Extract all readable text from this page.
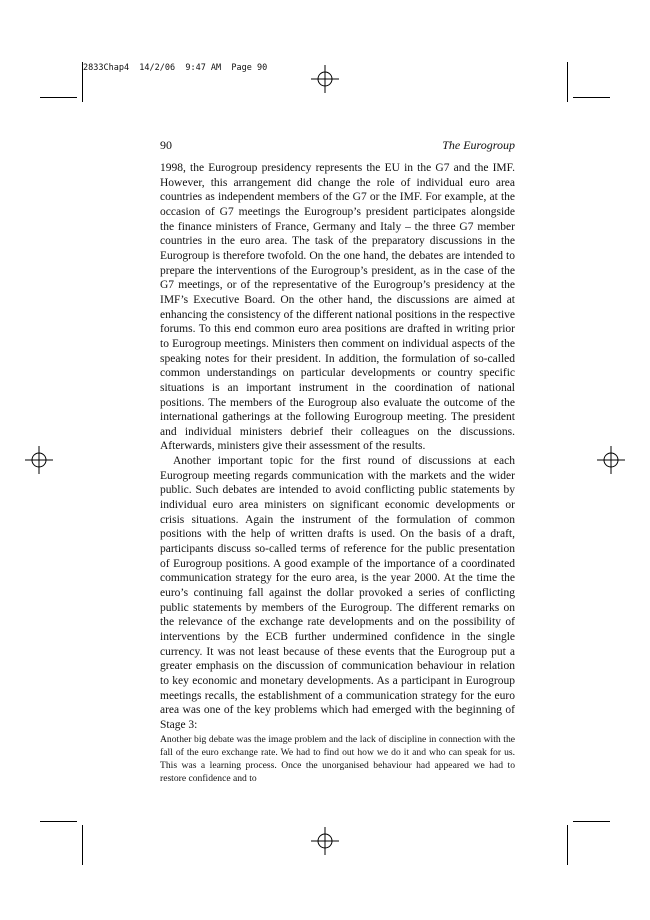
2833Chap4  14/2/06  9:47 AM  Page 90
90	The Eurogroup

1998, the Eurogroup presidency represents the EU in the G7 and the IMF. However, this arrangement did change the role of individual euro area countries as independent members of the G7 or the IMF. For example, at the occasion of G7 meetings the Eurogroup’s president participates alongside the finance ministers of France, Germany and Italy – the three G7 member countries in the euro area. The task of the preparatory discussions in the Eurogroup is therefore twofold. On the one hand, the debates are intended to prepare the interventions of the Eurogroup’s president, as in the case of the G7 meetings, or of the representative of the Eurogroup’s presidency at the IMF’s Executive Board. On the other hand, the discussions are aimed at enhancing the consistency of the different national positions in the respective forums. To this end common euro area positions are drafted in writing prior to Eurogroup meetings. Ministers then comment on individual aspects of the speaking notes for their president. In addition, the formulation of so-called common understandings on particular developments or country specific situations is an important instrument in the coordination of national positions. The members of the Eurogroup also evaluate the outcome of the international gatherings at the following Eurogroup meeting. The president and individual ministers debrief their colleagues on the discussions. Afterwards, ministers give their assessment of the results.

Another important topic for the first round of discussions at each Eurogroup meeting regards communication with the markets and the wider public. Such debates are intended to avoid conflicting public statements by individual euro area ministers on significant economic developments or crisis situations. Again the instrument of the formulation of common positions with the help of written drafts is used. On the basis of a draft, participants discuss so-called terms of reference for the public presentation of Eurogroup positions. A good example of the importance of a coordinated communication strategy for the euro area, is the year 2000. At the time the euro’s continuing fall against the dollar provoked a series of conflicting public statements by members of the Eurogroup. The different remarks on the relevance of the exchange rate developments and on the possibility of interventions by the ECB further undermined confidence in the single currency. It was not least because of these events that the Eurogroup put a greater emphasis on the discussion of communication behaviour in relation to key economic and monetary developments. As a participant in Eurogroup meetings recalls, the establishment of a communication strategy for the euro area was one of the key problems which had emerged with the beginning of Stage 3:

Another big debate was the image problem and the lack of discipline in connection with the fall of the euro exchange rate. We had to find out how we do it and who can speak for us. This was a learning process. Once the unorganised behaviour had appeared we had to restore confidence and to
